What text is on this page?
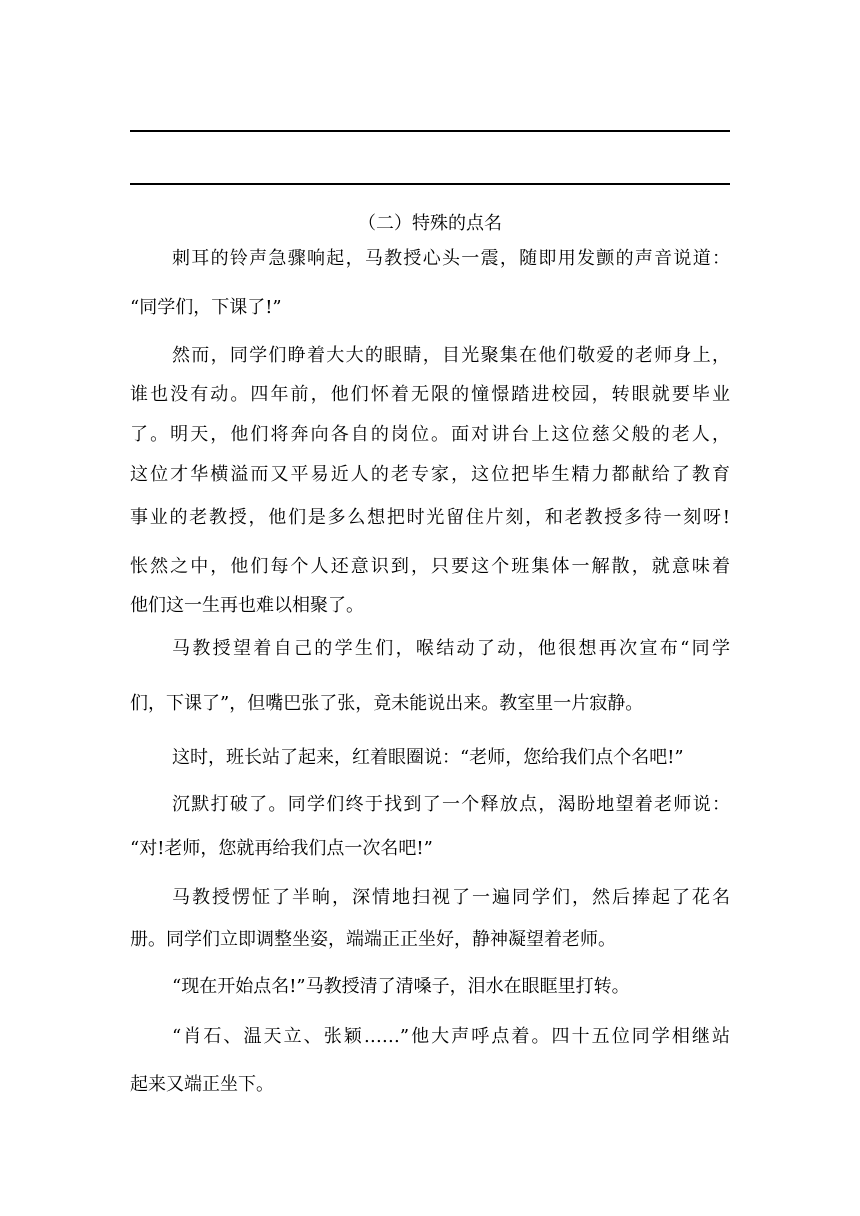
（二）特殊的点名
刺耳的铃声急骤响起，马教授心头一震，随即用发颤的声音说道：
“同学们，下课了!”
然而，同学们睁着大大的眼睛，目光聚集在他们敬爱的老师身上，
谁也没有动。四年前，他们怀着无限的憧憬踏进校园，转眼就要毕业
了。明天，他们将奔向各自的岗位。面对讲台上这位慈父般的老人，
这位才华横溢而又平易近人的老专家，这位把毕生精力都献给了教育
事业的老教授，他们是多么想把时光留住片刻，和老教授多待一刻呀!
怅然之中，他们每个人还意识到，只要这个班集体一解散，就意味着
他们这一生再也难以相聚了。
马教授望着自己的学生们，喉结动了动，他很想再次宣布“同学
们，下课了”，但嘴巴张了张，竟未能说出来。教室里一片寂静。
这时，班长站了起来，红着眼圈说：“老师，您给我们点个名吧!”
沉默打破了。同学们终于找到了一个释放点，渴盼地望着老师说：
“对!老师，您就再给我们点一次名吧!”
马教授愣怔了半晌，深情地扫视了一遍同学们，然后捧起了花名
册。同学们立即调整坐姿，端端正正坐好，静神凝望着老师。
“现在开始点名!”马教授清了清嗓子，泪水在眼眶里打转。
“肖石、温天立、张颖……”他大声呼点着。四十五位同学相继站
起来又端正坐下。
